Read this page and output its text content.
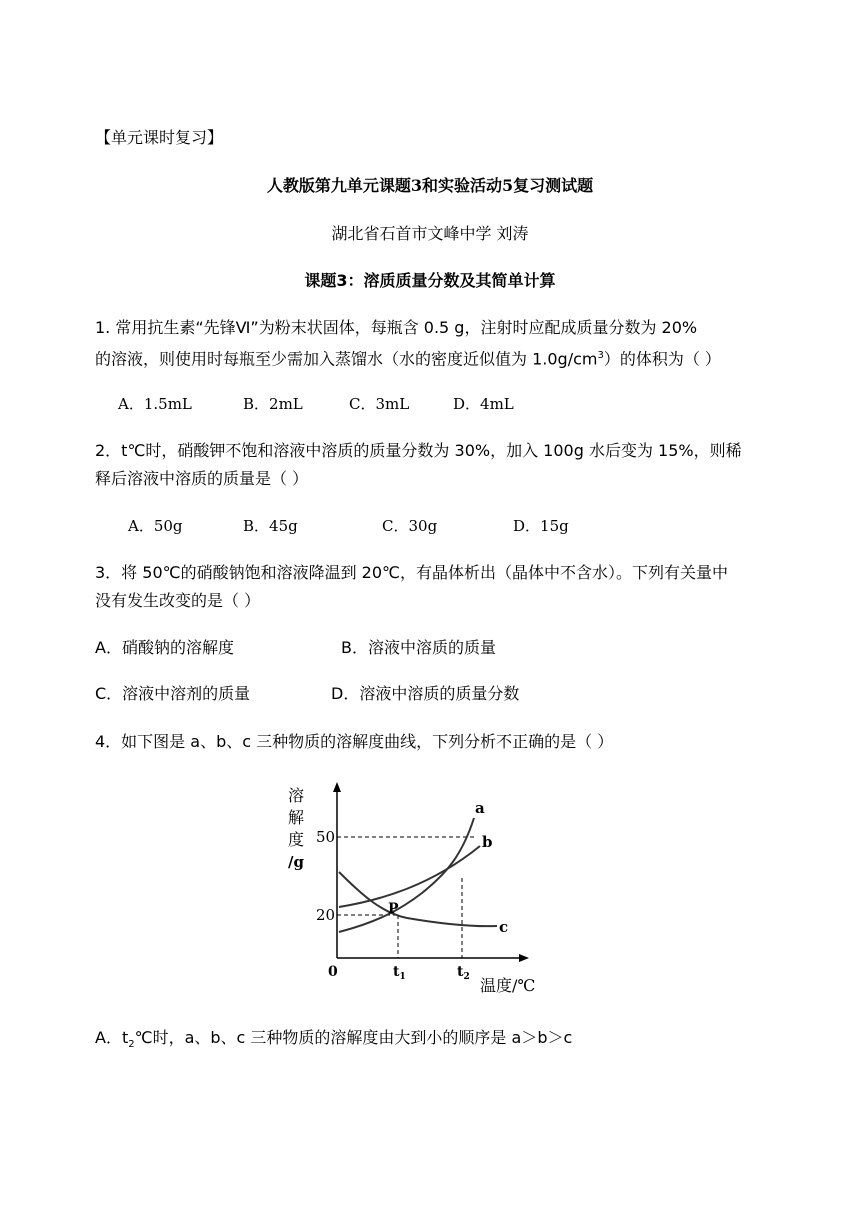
【单元课时复习】
人教版第九单元课题3和实验活动5复习测试题
湖北省石首市文峰中学 刘涛
课题3：溶质质量分数及其简单计算
1. 常用抗生素“先锋Ⅵ”为粉末状固体，每瓶含 0.5 g，注射时应配成质量分数为 20%
的溶液，则使用时每瓶至少需加入蒸馏水（水的密度近似值为 $1.0g/cm^3$）的体积为（ ）
A．1.5mL	B．2mL	C．3mL	D．4mL
2．t℃时，硝酸钾不饱和溶液中溶质的质量分数为 30%，加入 100g 水后变为 15%，则稀
释后溶液中溶质的质量是（ ）
A．50g	B．45g	C．30g	D．15g
3．将 50℃的硝酸钠饱和溶液降温到 20℃，有晶体析出（晶体中不含水）。下列有关量中
没有发生改变的是（ ）
A．硝酸钠的溶解度	B．溶液中溶质的质量
C．溶液中溶剂的质量	D．溶液中溶质的质量分数
4．如下图是 a、b、c 三种物质的溶解度曲线，下列分析不正确的是（ ）
溶
解
度
/g
50
20
0	$t_1$	$t_2$
a
b
c
P
温度/℃
A．$t_2℃$时，a、b、c 三种物质的溶解度由大到小的顺序是 a＞b＞c
